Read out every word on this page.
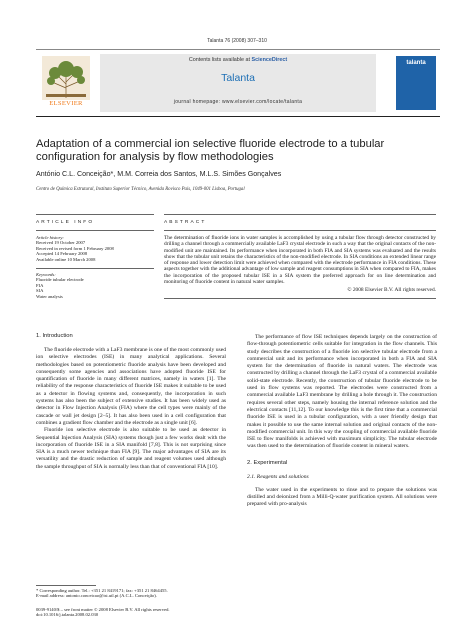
Talanta 76 (2008) 307–310
ELSEVIER
Contents lists available at ScienceDirect
Talanta
journal homepage: www.elsevier.com/locate/talanta
talanta
Adaptation of a commercial ion selective fluoride electrode to a tubular configuration for analysis by flow methodologies
António C.L. Conceição*, M.M. Correia dos Santos, M.L.S. Simões Gonçalves
Centro de Química Estrutural, Instituto Superior Técnico, Avenida Rovisco Pais, 1049-001 Lisboa, Portugal
ARTICLE INFO
Article history:
Received 19 October 2007
Received in revised form 1 February 2008
Accepted 14 February 2008
Available online 10 March 2008
Keywords:
Fluoride tubular electrode
FIA
SIA
Water analysis
ABSTRACT
The determination of fluoride ions in water samples is accomplished by using a tubular flow through detector constructed by drilling a channel through a commercially available LaF3 crystal electrode in such a way that the original contacts of the non-modified unit are maintained. Its performance when incorporated in both FIA and SIA systems was evaluated and the results show that the tubular unit retains the characteristics of the non-modified electrode. In SIA conditions an extended linear range of response and lower detection limit were achieved when compared with the electrode performance in FIA conditions. These aspects together with the additional advantage of low sample and reagent consumptions in SIA when compared to FIA, makes the incorporation of the proposed tubular ISE in a SIA system the preferred approach for on line determination and monitoring of fluoride content in natural water samples.
© 2008 Elsevier B.V. All rights reserved.
1. Introduction
The fluoride electrode with a LaF3 membrane is one of the most commonly used ion selective electrodes (ISE) in many analytical applications. Several methodologies based on potentiometric fluoride analysis have been developed and consequently some agencies and associations have adopted fluoride ISE for quantification of fluoride in many different matrices, namely in waters [1]. The reliability of the response characteristics of fluoride ISE makes it suitable to be used as a detector in flowing systems and, consequently, the incorporation in such systems has also been the subject of extensive studies. It has been widely used as detector in Flow Injection Analysis (FIA) where the cell types were mainly of the cascade or wall jet design [2–5]. It has also been used in a cell configuration that combines a gradient flow chamber and the electrode as a single unit [6].
Fluoride ion selective electrode is also suitable to be used as detector in Sequential Injection Analysis (SIA) systems though just a few works dealt with the incorporation of fluoride ISE in a SIA manifold [7,8]. This is not surprising since SIA is a much newer technique than FIA [9]. The major advantages of SIA are its versatility and the drastic reduction of sample and reagent volumes used although the sample throughput of SIA is normally less than that of conventional FIA [10].
The performance of flow ISE techniques depends largely on the construction of flow-through potentiometric cells suitable for integration in the flow channels. This study describes the construction of a fluoride ion selective tubular electrode from a commercial unit and its performance when incorporated in both a FIA and SIA system for the determination of fluoride in natural waters. The electrode was constructed by drilling a channel through the LaF3 crystal of a commercial available solid-state electrode. Recently, the construction of tubular fluoride electrode to be used in flow systems was reported. The electrodes were constructed from a commercial available LaF3 membrane by drilling a hole through it. The construction requires several other steps, namely housing the internal reference solution and the electrical contacts [11,12]. To our knowledge this is the first time that a commercial fluoride ISE is used in a tubular configuration, with a user friendly design that makes it possible to use the same internal solution and original contacts of the non-modified commercial unit. In this way the coupling of commercial available fluoride ISE to flow manifolds is achieved with maximum simplicity. The tubular electrode was then used to the determination of fluoride content in mineral waters.
2. Experimental
2.1. Reagents and solutions
The water used in the experiments to rinse and to prepare the solutions was distilled and deionized from a Milli-Q-water purification system. All solutions were prepared with pro-analysis
* Corresponding author. Tel.: +351 21 8419171; fax: +351 21 8464455.
E-mail address: antonio.conceicao@ist.utl.pt (A.C.L. Conceição).
0039-9140/$ – see front matter © 2008 Elsevier B.V. All rights reserved.
doi:10.1016/j.talanta.2008.02.030
